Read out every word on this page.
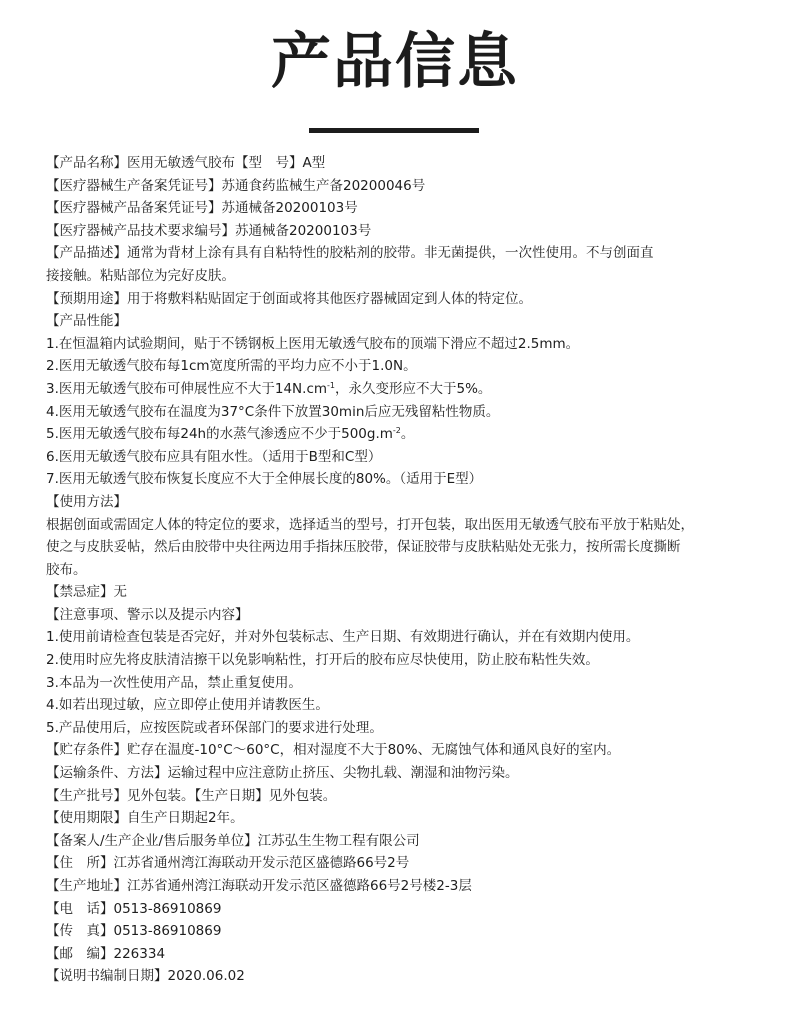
产品信息
【产品名称】医用无敏透气胶布【型　号】A型
【医疗器械生产备案凭证号】苏通食药监械生产备20200046号
【医疗器械产品备案凭证号】苏通械备20200103号
【医疗器械产品技术要求编号】苏通械备20200103号
【产品描述】通常为背材上涂有具有自粘特性的胶粘剂的胶带。非无菌提供，一次性使用。不与创面直
接接触。粘贴部位为完好皮肤。
【预期用途】用于将敷料粘贴固定于创面或将其他医疗器械固定到人体的特定位。
【产品性能】
1.在恒温箱内试验期间，贴于不锈钢板上医用无敏透气胶布的顶端下滑应不超过2.5mm。
2.医用无敏透气胶布每1cm宽度所需的平均力应不小于1.0N。
3.医用无敏透气胶布可伸展性应不大于$14N.cm^{-1}$，永久变形应不大于5%。
4.医用无敏透气胶布在温度为37°C条件下放置30min后应无残留粘性物质。
5.医用无敏透气胶布每24h的水蒸气渗透应不少于$500g.m^{-2}$。
6.医用无敏透气胶布应具有阻水性。（适用于B型和C型）
7.医用无敏透气胶布恢复长度应不大于全伸展长度的80%。（适用于E型）
【使用方法】
根据创面或需固定人体的特定位的要求，选择适当的型号，打开包装，取出医用无敏透气胶布平放于粘贴处，
使之与皮肤妥帖，然后由胶带中央往两边用手指抹压胶带，保证胶带与皮肤粘贴处无张力，按所需长度撕断
胶布。
【禁忌症】无
【注意事项、警示以及提示内容】
1.使用前请检查包装是否完好，并对外包装标志、生产日期、有效期进行确认，并在有效期内使用。
2.使用时应先将皮肤清洁擦干以免影响粘性，打开后的胶布应尽快使用，防止胶布粘性失效。
3.本品为一次性使用产品，禁止重复使用。
4.如若出现过敏，应立即停止使用并请教医生。
5.产品使用后，应按医院或者环保部门的要求进行处理。
【贮存条件】贮存在温度-10°C～60°C，相对湿度不大于80%、无腐蚀气体和通风良好的室内。
【运输条件、方法】运输过程中应注意防止挤压、尖物扎载、潮湿和油物污染。
【生产批号】见外包装。【生产日期】见外包装。
【使用期限】自生产日期起2年。
【备案人/生产企业/售后服务单位】江苏弘生生物工程有限公司
【住　所】江苏省通州湾江海联动开发示范区盛德路66号2号
【生产地址】江苏省通州湾江海联动开发示范区盛德路66号2号楼2-3层
【电　话】0513-86910869
【传　真】0513-86910869
【邮　编】226334
【说明书编制日期】2020.06.02
